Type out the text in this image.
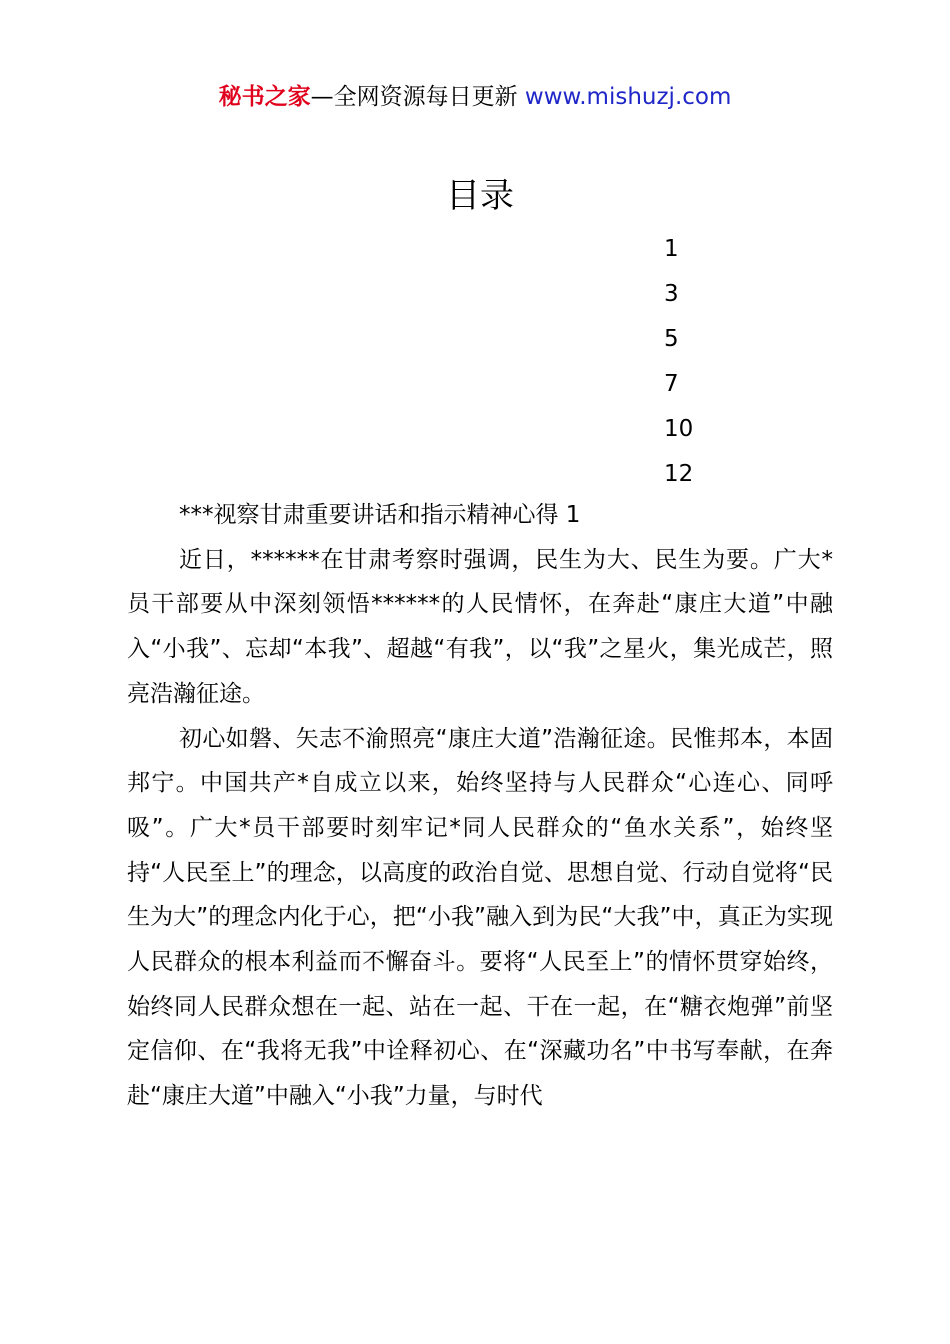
秘书之家—全网资源每日更新 www.mishuzj.com
目录
1
3
5
7
10
12

***视察甘肃重要讲话和指示精神心得 1

近日，******在甘肃考察时强调，民生为大、民生为要。广大*员干部要从中深刻领悟******的人民情怀，在奔赴“康庄大道”中融入“小我”、忘却“本我”、超越“有我”，以“我”之星火，集光成芒，照亮浩瀚征途。

初心如磐、矢志不渝照亮“康庄大道”浩瀚征途。民惟邦本，本固邦宁。中国共产*自成立以来，始终坚持与人民群众“心连心、同呼吸”。广大*员干部要时刻牢记*同人民群众的“鱼水关系”，始终坚持“人民至上”的理念，以高度的政治自觉、思想自觉、行动自觉将“民生为大”的理念内化于心，把“小我”融入到为民“大我”中，真正为实现人民群众的根本利益而不懈奋斗。要将“人民至上”的情怀贯穿始终，始终同人民群众想在一起、站在一起、干在一起，在“糖衣炮弹”前坚定信仰、在“我将无我”中诠释初心、在“深藏功名”中书写奉献，在奔赴“康庄大道”中融入“小我”力量，与时代
